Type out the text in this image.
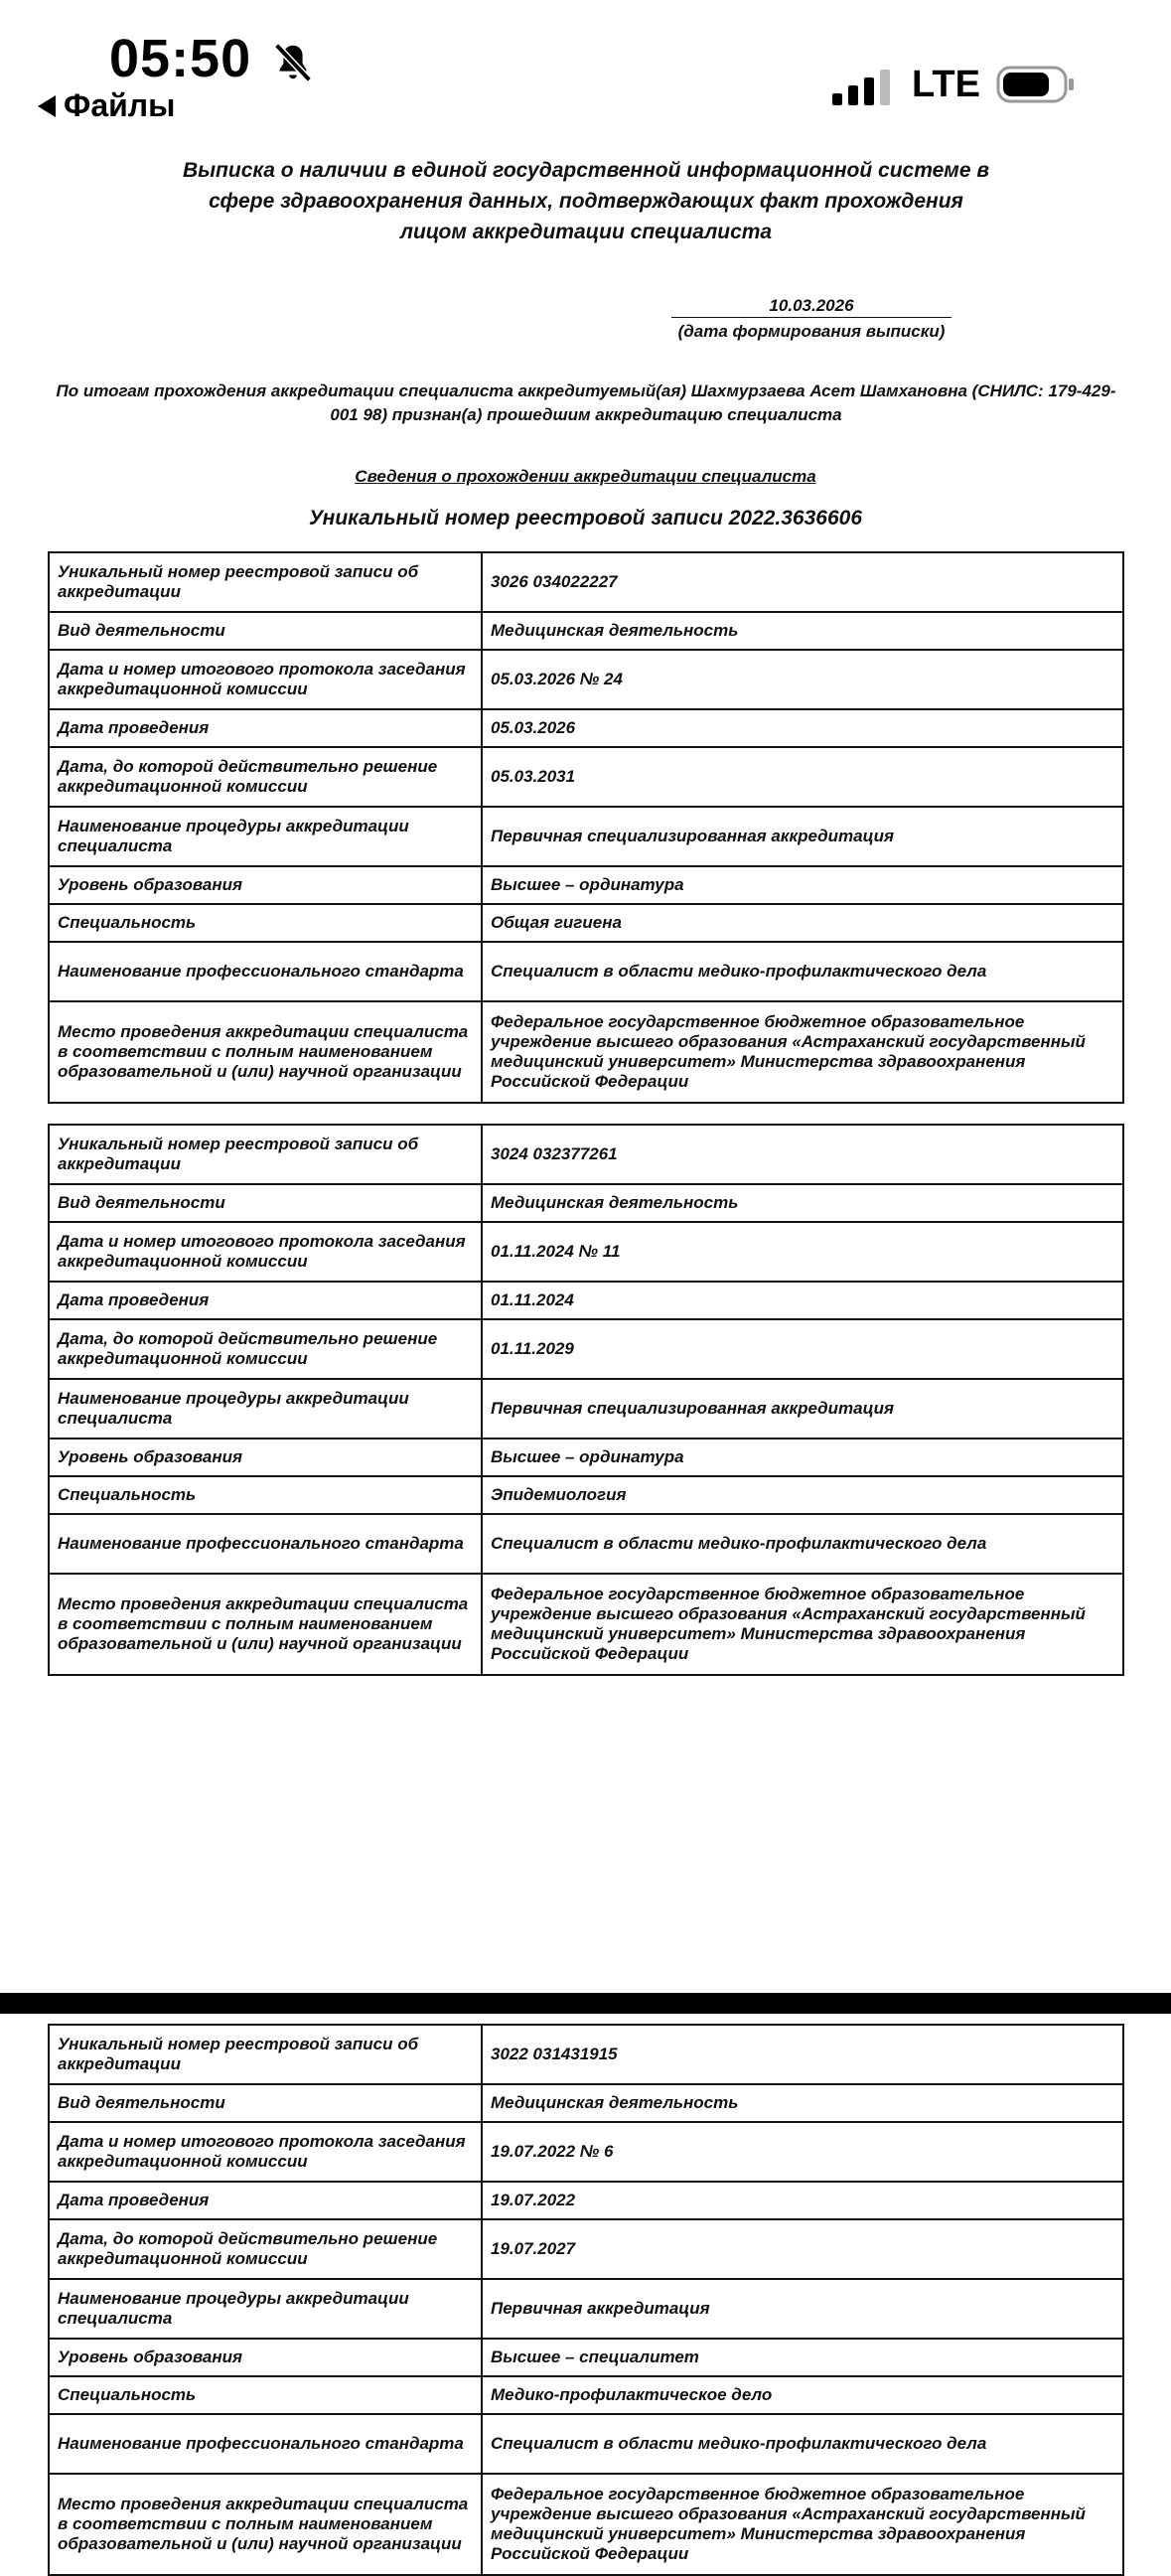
05:50
Файлы	LTE
Выписка о наличии в единой государственной информационной системе в сфере здравоохранения данных, подтверждающих факт прохождения лицом аккредитации специалиста
10.03.2026
(дата формирования выписки)
По итогам прохождения аккредитации специалиста аккредитуемый(ая) Шахмурзаева Асет Шамхановна (СНИЛС: 179-429-001 98) признан(а) прошедшим аккредитацию специалиста
Сведения о прохождении аккредитации специалиста
Уникальный номер реестровой записи 2022.3636606
Уникальный номер реестровой записи об аккредитации	3026 034022227
Вид деятельности	Медицинская деятельность
Дата и номер итогового протокола заседания аккредитационной комиссии	05.03.2026 № 24
Дата проведения	05.03.2026
Дата, до которой действительно решение аккредитационной комиссии	05.03.2031
Наименование процедуры аккредитации специалиста	Первичная специализированная аккредитация
Уровень образования	Высшее – ординатура
Специальность	Общая гигиена
Наименование профессионального стандарта	Специалист в области медико-профилактического дела
Место проведения аккредитации специалиста в соответствии с полным наименованием образовательной и (или) научной организации	Федеральное государственное бюджетное образовательное учреждение высшего образования «Астраханский государственный медицинский университет» Министерства здравоохранения Российской Федерации
Уникальный номер реестровой записи об аккредитации	3024 032377261
Вид деятельности	Медицинская деятельность
Дата и номер итогового протокола заседания аккредитационной комиссии	01.11.2024 № 11
Дата проведения	01.11.2024
Дата, до которой действительно решение аккредитационной комиссии	01.11.2029
Наименование процедуры аккредитации специалиста	Первичная специализированная аккредитация
Уровень образования	Высшее – ординатура
Специальность	Эпидемиология
Наименование профессионального стандарта	Специалист в области медико-профилактического дела
Место проведения аккредитации специалиста в соответствии с полным наименованием образовательной и (или) научной организации	Федеральное государственное бюджетное образовательное учреждение высшего образования «Астраханский государственный медицинский университет» Министерства здравоохранения Российской Федерации
Уникальный номер реестровой записи об аккредитации	3022 031431915
Вид деятельности	Медицинская деятельность
Дата и номер итогового протокола заседания аккредитационной комиссии	19.07.2022 № 6
Дата проведения	19.07.2022
Дата, до которой действительно решение аккредитационной комиссии	19.07.2027
Наименование процедуры аккредитации специалиста	Первичная аккредитация
Уровень образования	Высшее – специалитет
Специальность	Медико-профилактическое дело
Наименование профессионального стандарта	Специалист в области медико-профилактического дела
Место проведения аккредитации специалиста в соответствии с полным наименованием образовательной и (или) научной организации	Федеральное государственное бюджетное образовательное учреждение высшего образования «Астраханский государственный медицинский университет» Министерства здравоохранения Российской Федерации
